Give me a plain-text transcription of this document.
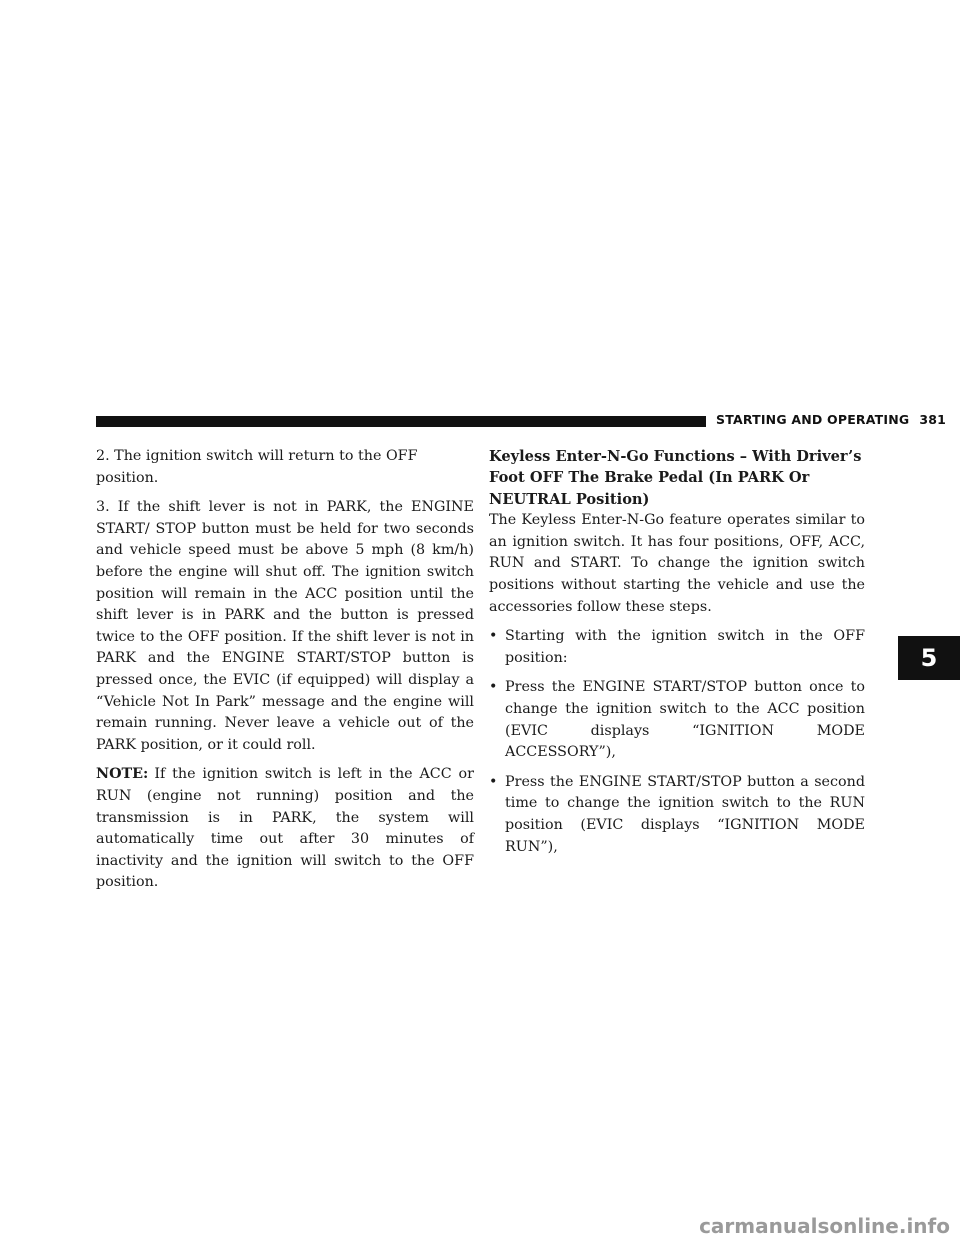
STARTING AND OPERATING 381

2. The ignition switch will return to the OFF position.

3. If the shift lever is not in PARK, the ENGINE START/ STOP button must be held for two seconds and vehicle speed must be above 5 mph (8 km/h) before the engine will shut off. The ignition switch position will remain in the ACC position until the shift lever is in PARK and the button is pressed twice to the OFF position. If the shift lever is not in PARK and the ENGINE START/STOP button is pressed once, the EVIC (if equipped) will display a “Vehicle Not In Park” message and the engine will remain running. Never leave a vehicle out of the PARK position, or it could roll.

NOTE: If the ignition switch is left in the ACC or RUN (engine not running) position and the transmission is in PARK, the system will automatically time out after 30 minutes of inactivity and the ignition will switch to the OFF position.

Keyless Enter-N-Go Functions – With Driver’s Foot OFF The Brake Pedal (In PARK Or NEUTRAL Position)

The Keyless Enter-N-Go feature operates similar to an ignition switch. It has four positions, OFF, ACC, RUN and START. To change the ignition switch positions without starting the vehicle and use the accessories follow these steps.

• Starting with the ignition switch in the OFF position:
• Press the ENGINE START/STOP button once to change the ignition switch to the ACC position (EVIC displays “IGNITION MODE ACCESSORY”),
• Press the ENGINE START/STOP button a second time to change the ignition switch to the RUN position (EVIC displays “IGNITION MODE RUN”),
5
carmanualsonline.info
